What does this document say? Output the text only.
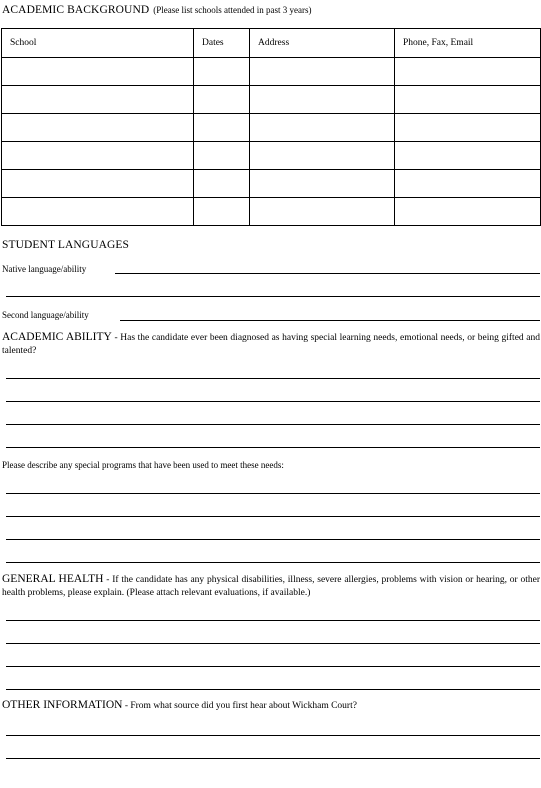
ACADEMIC BACKGROUND (Please list schools attended in past 3 years)
School	Dates	Address	Phone, Fax, Email

STUDENT LANGUAGES
Native language/ability
Second language/ability
ACADEMIC ABILITY - Has the candidate ever been diagnosed as having special learning needs, emotional needs, or being gifted and talented?
Please describe any special programs that have been used to meet these needs:
GENERAL HEALTH - If the candidate has any physical disabilities, illness, severe allergies, problems with vision or hearing, or other health problems, please explain. (Please attach relevant evaluations, if available.)
OTHER INFORMATION - From what source did you first hear about Wickham Court?
